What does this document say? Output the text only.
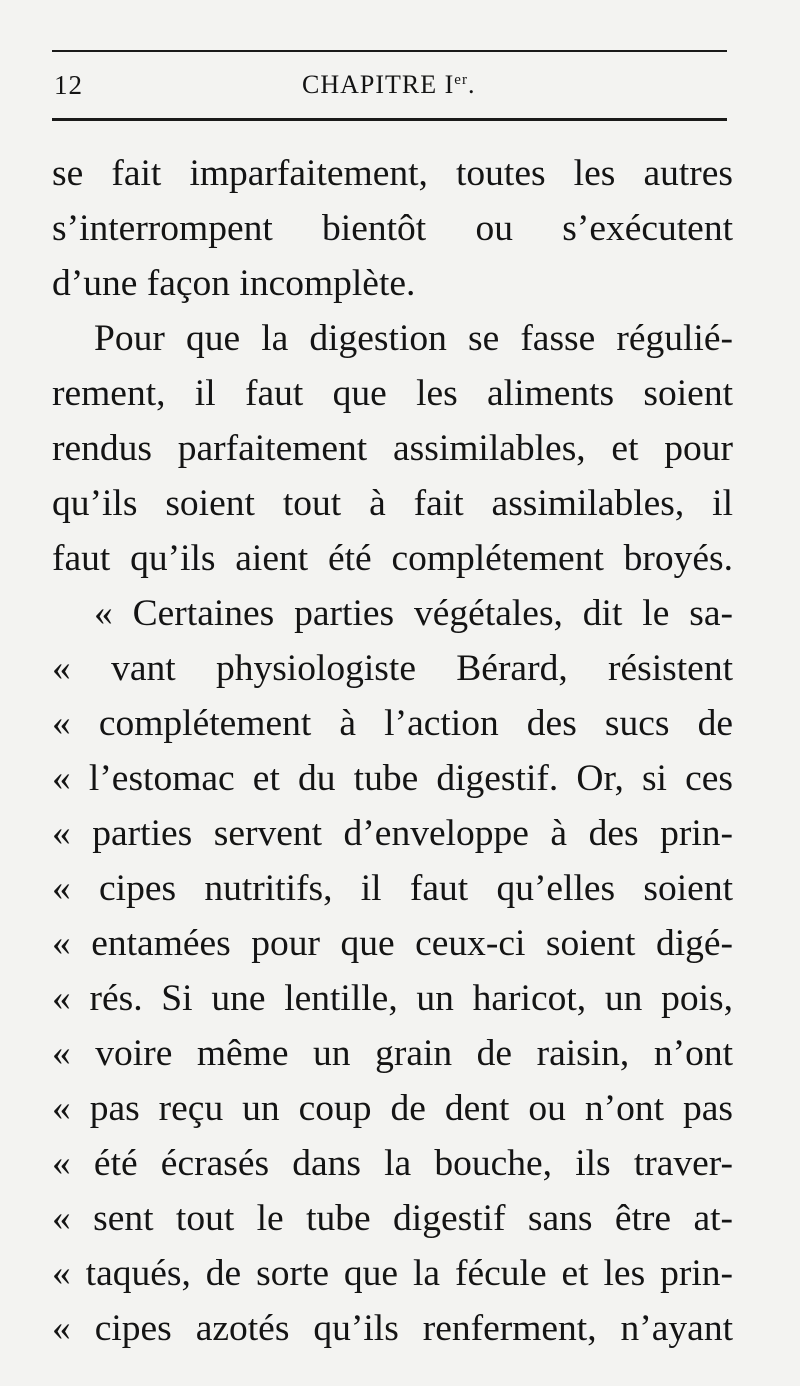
12	CHAPITRE Ier.
se fait imparfaitement, toutes les autres
s’interrompent bientôt ou s’exécutent
d’une façon incomplète.
Pour que la digestion se fasse régulié-
rement, il faut que les aliments soient
rendus parfaitement assimilables, et pour
qu’ils soient tout à fait assimilables, il
faut qu’ils aient été complétement broyés.
« Certaines parties végétales, dit le sa-
« vant physiologiste Bérard, résistent
« complétement à l’action des sucs de
« l’estomac et du tube digestif. Or, si ces
« parties servent d’enveloppe à des prin-
« cipes nutritifs, il faut qu’elles soient
« entamées pour que ceux-ci soient digé-
« rés. Si une lentille, un haricot, un pois,
« voire même un grain de raisin, n’ont
« pas reçu un coup de dent ou n’ont pas
« été écrasés dans la bouche, ils traver-
« sent tout le tube digestif sans être at-
« taqués, de sorte que la fécule et les prin-
« cipes azotés qu’ils renferment, n’ayant
